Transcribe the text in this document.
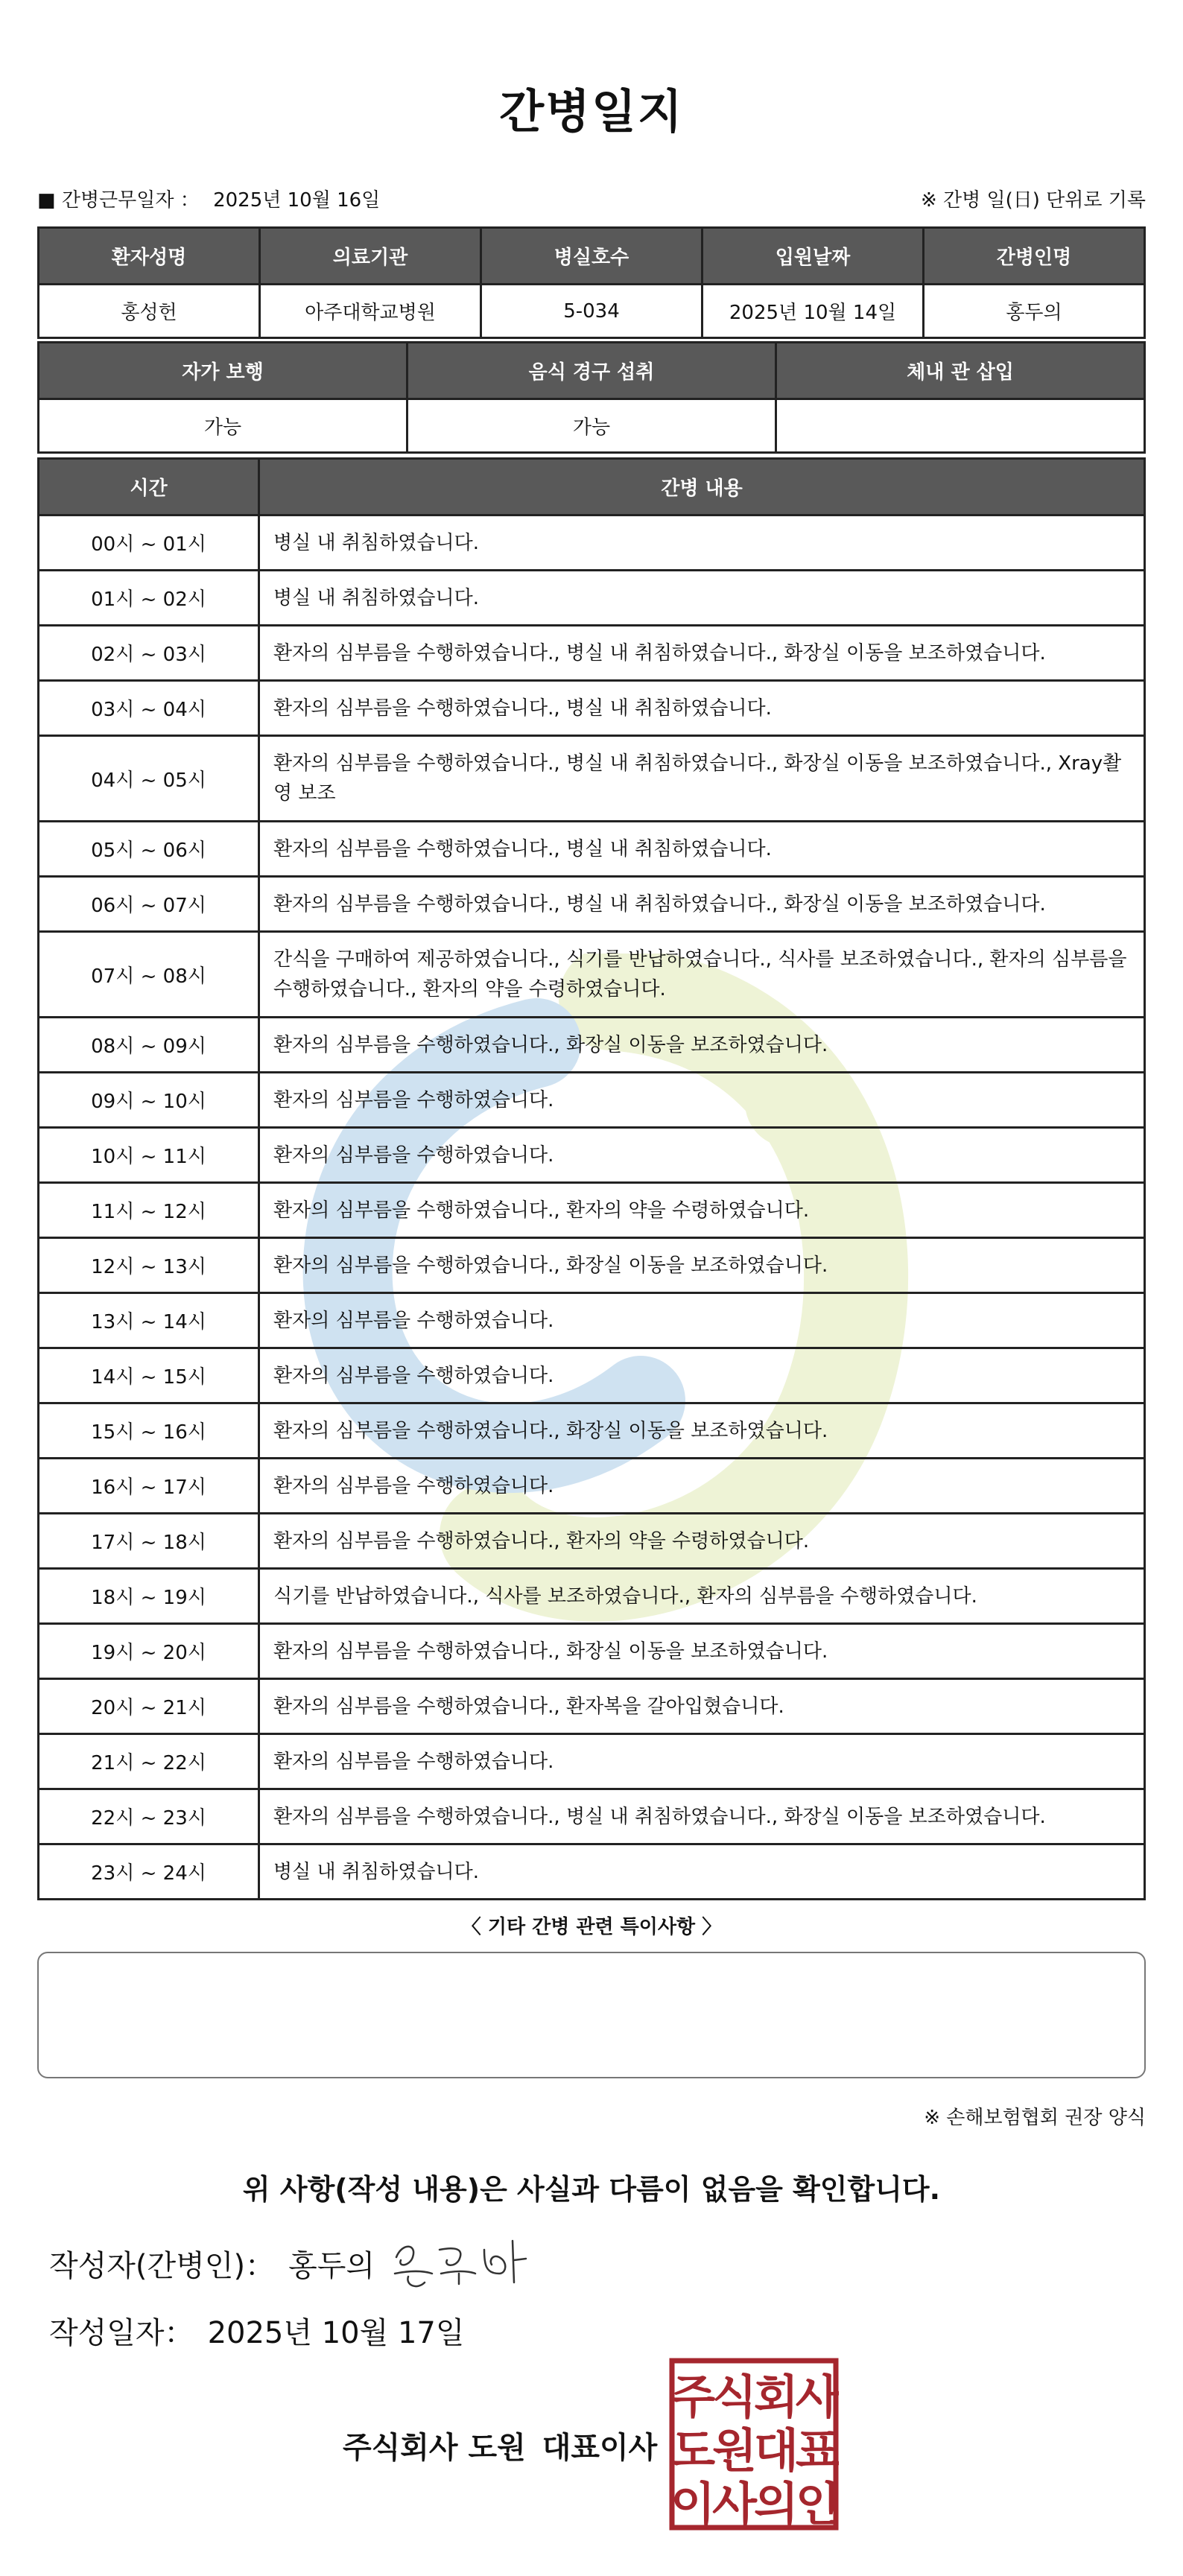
간병일지
■ 간병근무일자 ： 2025년 10월 16일	※ 간병 일(日) 단위로 기록
환자성명	의료기관	병실호수	입원날짜	간병인명
홍성헌	아주대학교병원	5-034	2025년 10월 14일	홍두의
자가 보행	음식 경구 섭취	체내 관 삽입
가능	가능	
시간	간병 내용
00시 ~ 01시	병실 내 취침하였습니다.
01시 ~ 02시	병실 내 취침하였습니다.
02시 ~ 03시	환자의 심부름을 수행하였습니다., 병실 내 취침하였습니다., 화장실 이동을 보조하였습니다.
03시 ~ 04시	환자의 심부름을 수행하였습니다., 병실 내 취침하였습니다.
04시 ~ 05시	환자의 심부름을 수행하였습니다., 병실 내 취침하였습니다., 화장실 이동을 보조하였습니다., Xray촬영 보조
05시 ~ 06시	환자의 심부름을 수행하였습니다., 병실 내 취침하였습니다.
06시 ~ 07시	환자의 심부름을 수행하였습니다., 병실 내 취침하였습니다., 화장실 이동을 보조하였습니다.
07시 ~ 08시	간식을 구매하여 제공하였습니다., 식기를 반납하였습니다., 식사를 보조하였습니다., 환자의 심부름을 수행하였습니다., 환자의 약을 수령하였습니다.
08시 ~ 09시	환자의 심부름을 수행하였습니다., 화장실 이동을 보조하였습니다.
09시 ~ 10시	환자의 심부름을 수행하였습니다.
10시 ~ 11시	환자의 심부름을 수행하였습니다.
11시 ~ 12시	환자의 심부름을 수행하였습니다., 환자의 약을 수령하였습니다.
12시 ~ 13시	환자의 심부름을 수행하였습니다., 화장실 이동을 보조하였습니다.
13시 ~ 14시	환자의 심부름을 수행하였습니다.
14시 ~ 15시	환자의 심부름을 수행하였습니다.
15시 ~ 16시	환자의 심부름을 수행하였습니다., 화장실 이동을 보조하였습니다.
16시 ~ 17시	환자의 심부름을 수행하였습니다.
17시 ~ 18시	환자의 심부름을 수행하였습니다., 환자의 약을 수령하였습니다.
18시 ~ 19시	식기를 반납하였습니다., 식사를 보조하였습니다., 환자의 심부름을 수행하였습니다.
19시 ~ 20시	환자의 심부름을 수행하였습니다., 화장실 이동을 보조하였습니다.
20시 ~ 21시	환자의 심부름을 수행하였습니다., 환자복을 갈아입혔습니다.
21시 ~ 22시	환자의 심부름을 수행하였습니다.
22시 ~ 23시	환자의 심부름을 수행하였습니다., 병실 내 취침하였습니다., 화장실 이동을 보조하였습니다.
23시 ~ 24시	병실 내 취침하였습니다.
〈 기타 간병 관련 특이사항 〉
※ 손해보험협회 권장 양식
위 사항(작성 내용)은 사실과 다름이 없음을 확인합니다.
작성자(간병인)： 홍두의
작성일자： 2025년 10월 17일
주식회사 도원 대표이사
주식회사
도원대표
이사의인
